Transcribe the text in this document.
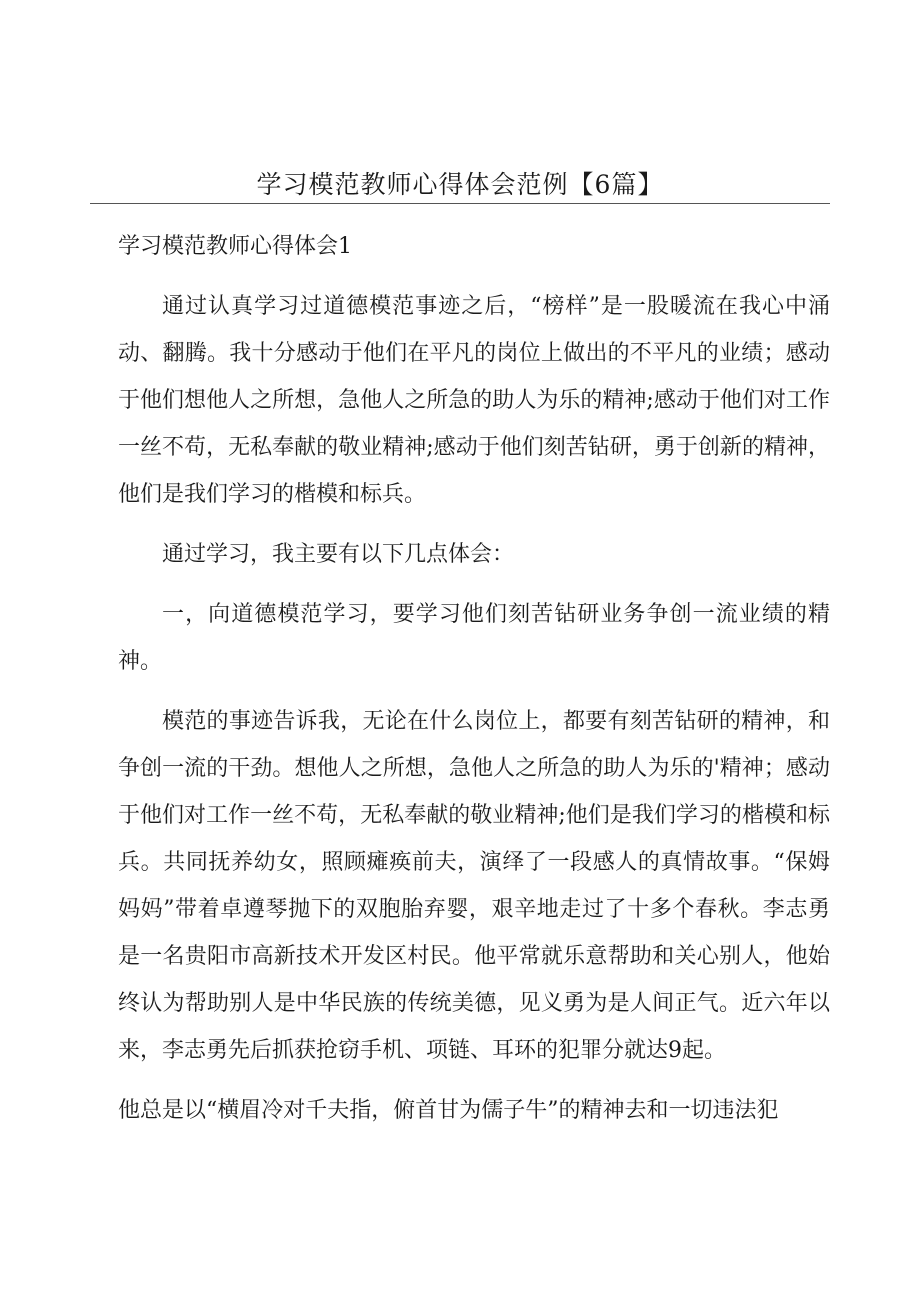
学习模范教师心得体会范例【6篇】

学习模范教师心得体会1

通过认真学习过道德模范事迹之后，“榜样”是一股暖流在我心中涌动、翻腾。我十分感动于他们在平凡的岗位上做出的不平凡的业绩；感动于他们想他人之所想，急他人之所急的助人为乐的精神;感动于他们对工作一丝不苟，无私奉献的敬业精神;感动于他们刻苦钻研，勇于创新的精神，他们是我们学习的楷模和标兵。

通过学习，我主要有以下几点体会：

一，向道德模范学习，要学习他们刻苦钻研业务争创一流业绩的精神。

模范的事迹告诉我，无论在什么岗位上，都要有刻苦钻研的精神，和争创一流的干劲。想他人之所想，急他人之所急的助人为乐的'精神；感动于他们对工作一丝不苟，无私奉献的敬业精神;他们是我们学习的楷模和标兵。共同抚养幼女，照顾瘫痪前夫，演绎了一段感人的真情故事。“保姆妈妈”带着卓遵琴抛下的双胞胎弃婴，艰辛地走过了十多个春秋。李志勇是一名贵阳市高新技术开发区村民。他平常就乐意帮助和关心别人，他始终认为帮助别人是中华民族的传统美德，见义勇为是人间正气。近六年以来，李志勇先后抓获抢窃手机、项链、耳环的犯罪分就达9起。

他总是以“横眉冷对千夫指，俯首甘为儒子牛”的精神去和一切违法犯
